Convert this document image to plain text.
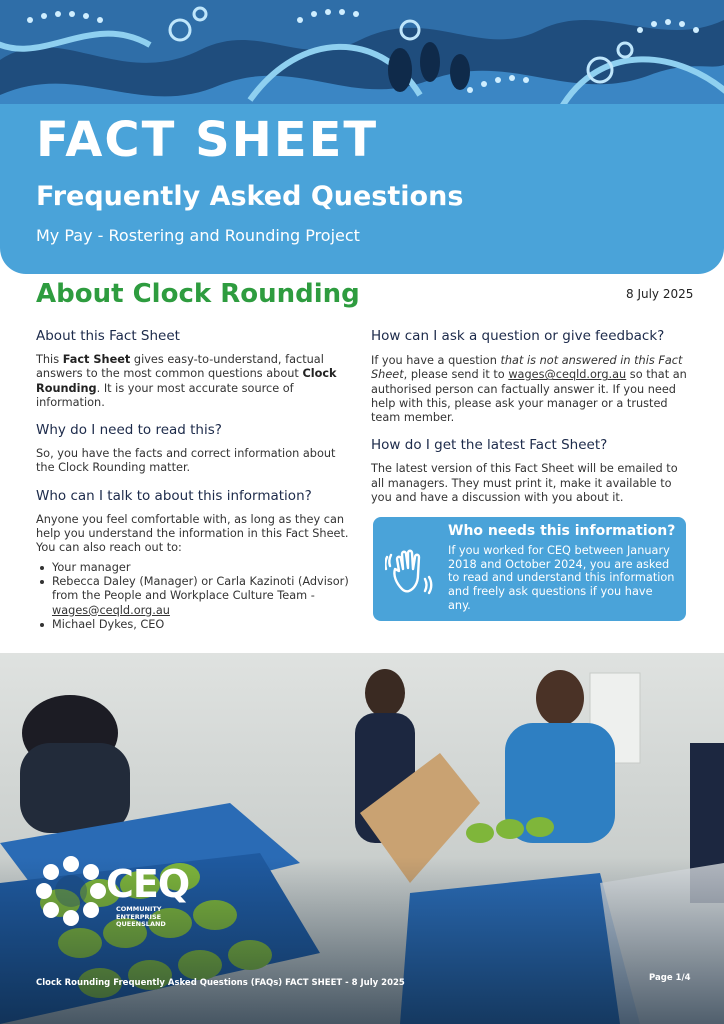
FACT SHEET
Frequently Asked Questions
My Pay - Rostering and Rounding Project
About Clock Rounding	8 July 2025
About this Fact Sheet

This Fact Sheet gives easy-to-understand, factual answers to the most common questions about Clock Rounding. It is your most accurate source of information.

Why do I need to read this?

So, you have the facts and correct information about the Clock Rounding matter.

Who can I talk to about this information?

Anyone you feel comfortable with, as long as they can help you understand the information in this Fact Sheet. You can also reach out to:

Your manager
Rebecca Daley (Manager) or Carla Kazinoti (Advisor) from the People and Workplace Culture Team -
wages@ceqld.org.au
Michael Dykes, CEO
How can I ask a question or give feedback?

If you have a question that is not answered in this Fact Sheet, please send it to wages@ceqld.org.au so that an authorised person can factually answer it. If you need help with this, please ask your manager or a trusted team member.

How do I get the latest Fact Sheet?

The latest version of this Fact Sheet will be emailed to all managers. They must print it, make it available to you and have a discussion with you about it.

Who needs this information?
If you worked for CEQ between January 2018 and October 2024, you are asked to read and understand this information and freely ask questions if you have any.
CEQ
COMMUNITY ENTERPRISE QUEENSLAND
Clock Rounding Frequently Asked Questions (FAQs) FACT SHEET - 8 July 2025	Page 1/4
